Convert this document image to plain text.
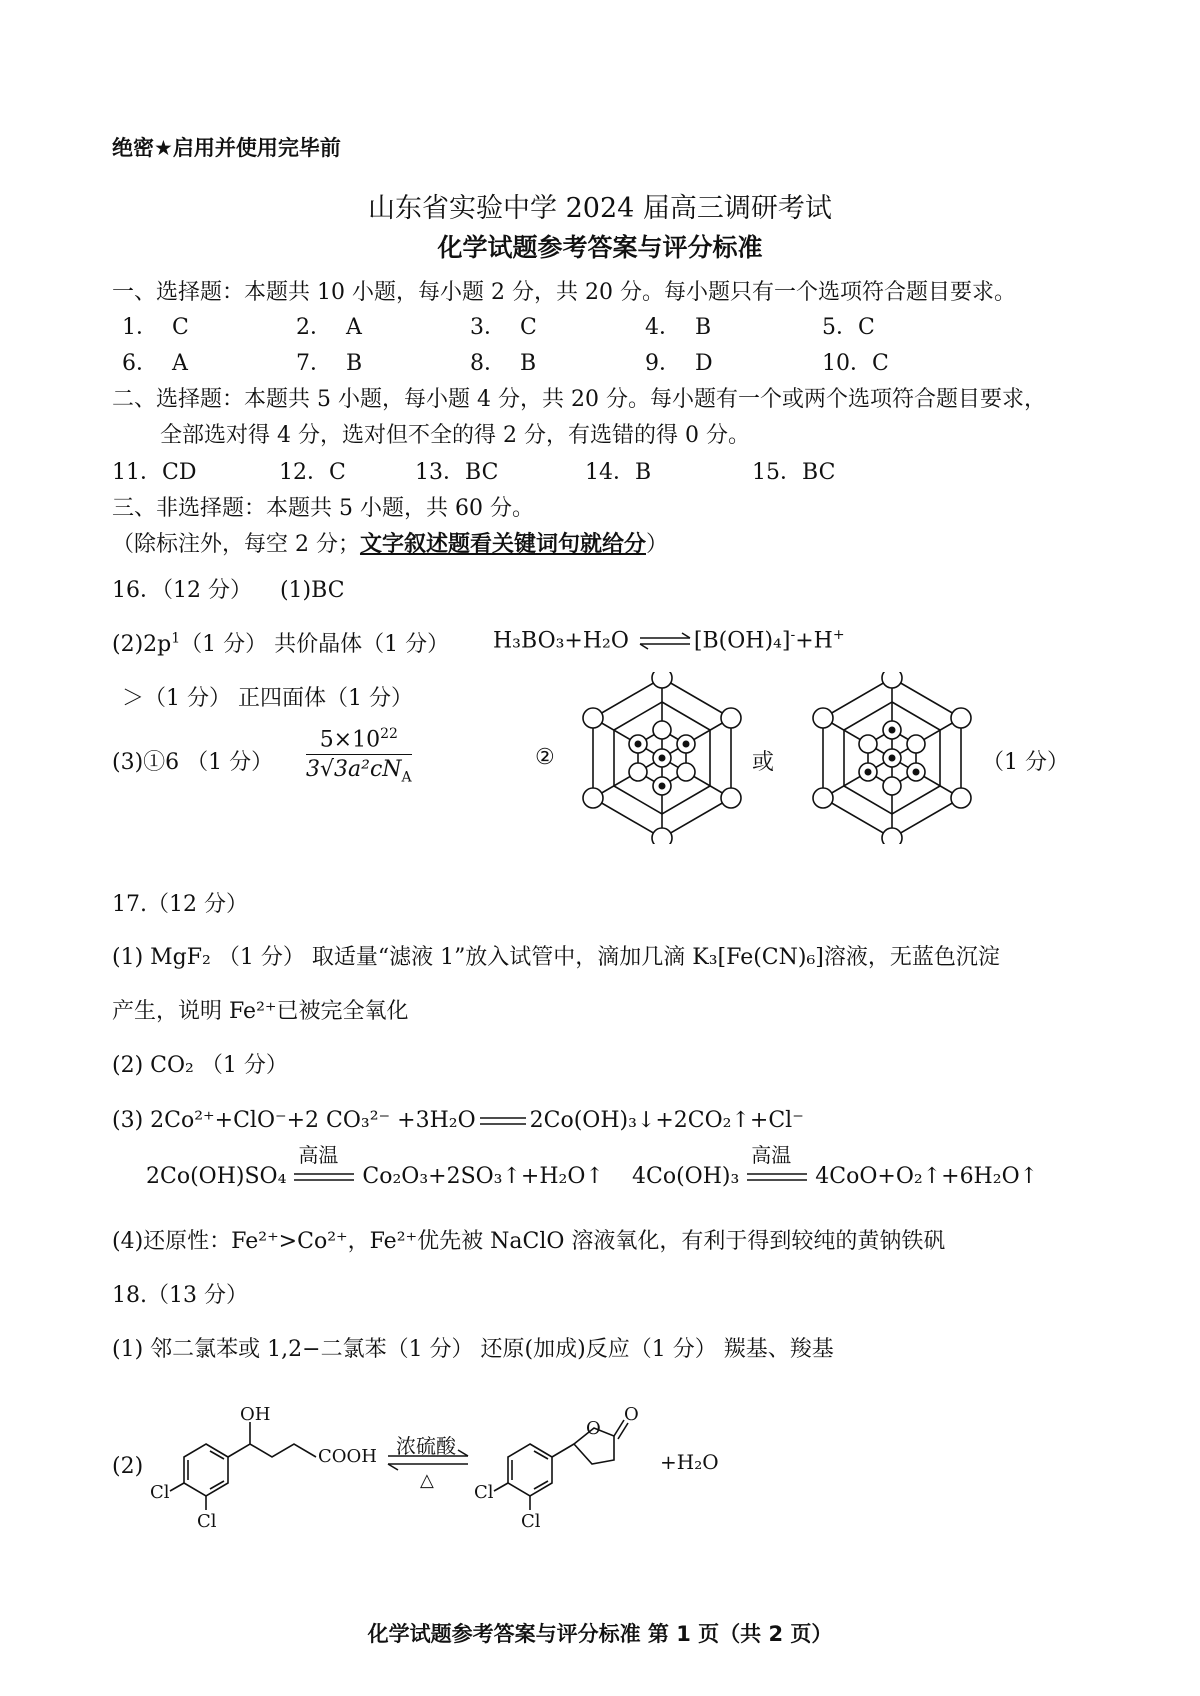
绝密★启用并使用完毕前
山东省实验中学 2024 届高三调研考试
化学试题参考答案与评分标准
一、选择题：本题共 10 小题，每小题 2 分，共 20 分。每小题只有一个选项符合题目要求。
1． C	2． A	3． C	4． B	5．C
6． A	7． B	8． B	9． D	10．C
二、选择题：本题共 5 小题，每小题 4 分，共 20 分。每小题有一个或两个选项符合题目要求，
全部选对得 4 分，选对但不全的得 2 分，有选错的得 0 分。
11．CD	12．C	13．BC	14．B	15．BC
三、非选择题：本题共 5 小题，共 60 分。
（除标注外，每空 2 分；文字叙述题看关键词句就给分）
16．（12 分） (1)BC
$(2)2p^1(1$ 分） 共价晶体（1 分） H₃BO₃+H₂O ⇌ [B(OH)₄]-+H+
＞（1 分） 正四面体（1 分）
(3)①6 （1 分） $\frac{5\times 10^{22}}{3√3a^2cN_A}$	②	或	（1 分）
17.（12 分）
(1) MgF₂ （1 分） 取适量“滤液 1”放入试管中，滴加几滴 K₃[Fe(CN)₆]溶液，无蓝色沉淀
产生，说明 Fe²⁺已被完全氧化
(2) CO₂ （1 分）
(3) 2Co²⁺+ClO⁻+2 CO₃²⁻ +3H₂O 2Co(OH)₃↓+2CO₂↑+Cl⁻
2Co(OH)SO₄
高温
Co₂O₃+2SO₃↑+H₂O↑ 4Co(OH)₃
高温
4CoO+O₂↑+6H₂O↑
(4)还原性：Fe²⁺>Co²⁺，Fe²⁺优先被 NaClO 溶液氧化，有利于得到较纯的黄钠铁矾
18.（13 分）
(1) 邻二氯苯或 1,2−二氯苯（1 分） 还原(加成)反应（1 分） 羰基、羧基
(2)
OH
COOH
Cl
Cl
浓硫酸
△
O
O
Cl
Cl
+H₂O
化学试题参考答案与评分标准 第 1 页（共 2 页）
